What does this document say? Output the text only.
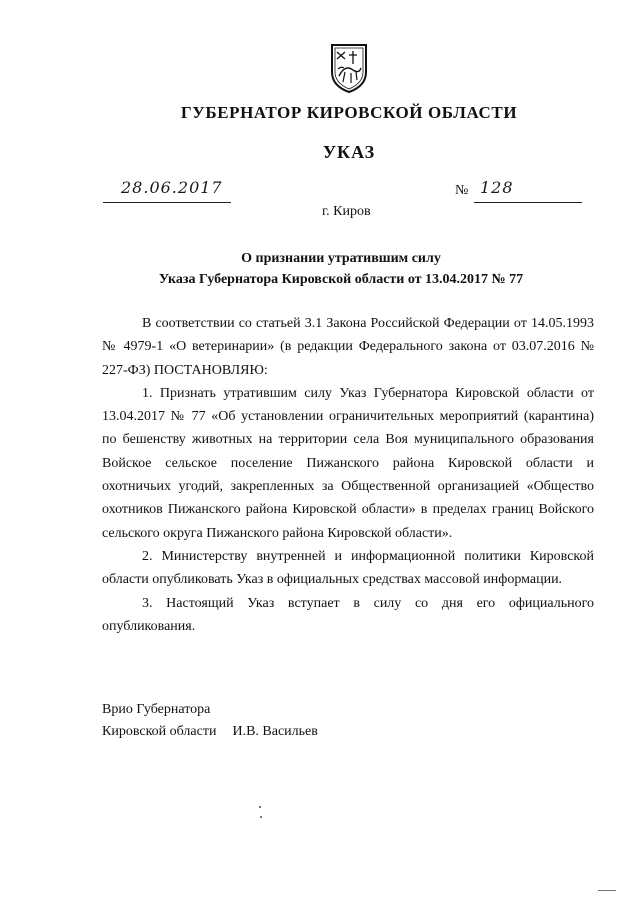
ГУБЕРНАТОР КИРОВСКОЙ ОБЛАСТИ
УКАЗ
28.06.2017	№ 128
г. Киров
О признании утратившим силу
Указа Губернатора Кировской области от 13.04.2017 № 77

В соответствии со статьей 3.1 Закона Российской Федерации от 14.05.1993 № 4979-1 «О ветеринарии» (в редакции Федерального закона от 03.07.2016 № 227-ФЗ) ПОСТАНОВЛЯЮ:

1. Признать утратившим силу Указ Губернатора Кировской области от 13.04.2017 № 77 «Об установлении ограничительных мероприятий (карантина) по бешенству животных на территории села Воя муниципального образования Войское сельское поселение Пижанского района Кировской области и охотничьих угодий, закрепленных за Общественной организацией «Общество охотников Пижанского района Кировской области» в пределах границ Войского сельского округа Пижанского района Кировской области».

2. Министерству внутренней и информационной политики Кировской области опубликовать Указ в официальных средствах массовой информации.

3. Настоящий Указ вступает в силу со дня его официального опубликования.

Врио Губернатора
Кировской области И.В. Васильев
